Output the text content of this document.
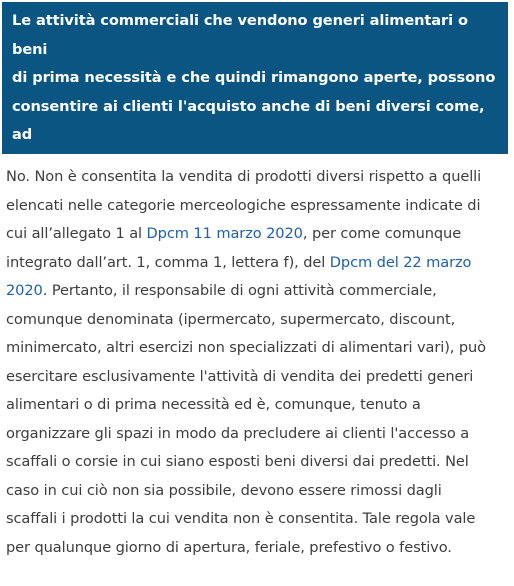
Le attività commerciali che vendono generi alimentari o beni
di prima necessità e che quindi rimangono aperte, possono
consentire ai clienti l'acquisto anche di beni diversi come, ad
esempio, abbigliamento, calzature, articoli sportivi, articoli di
cancelleria, giocattoli, etc.?

No. Non è consentita la vendita di prodotti diversi rispetto a quelli
elencati nelle categorie merceologiche espressamente indicate di
cui all’allegato 1 al Dpcm 11 marzo 2020, per come comunque
integrato dall’art. 1, comma 1, lettera f), del Dpcm del 22 marzo
2020. Pertanto, il responsabile di ogni attività commerciale,
comunque denominata (ipermercato, supermercato, discount,
minimercato, altri esercizi non specializzati di alimentari vari), può
esercitare esclusivamente l'attività di vendita dei predetti generi
alimentari o di prima necessità ed è, comunque, tenuto a
organizzare gli spazi in modo da precludere ai clienti l'accesso a
scaffali o corsie in cui siano esposti beni diversi dai predetti. Nel
caso in cui ciò non sia possibile, devono essere rimossi dagli
scaffali i prodotti la cui vendita non è consentita. Tale regola vale
per qualunque giorno di apertura, feriale, prefestivo o festivo.
